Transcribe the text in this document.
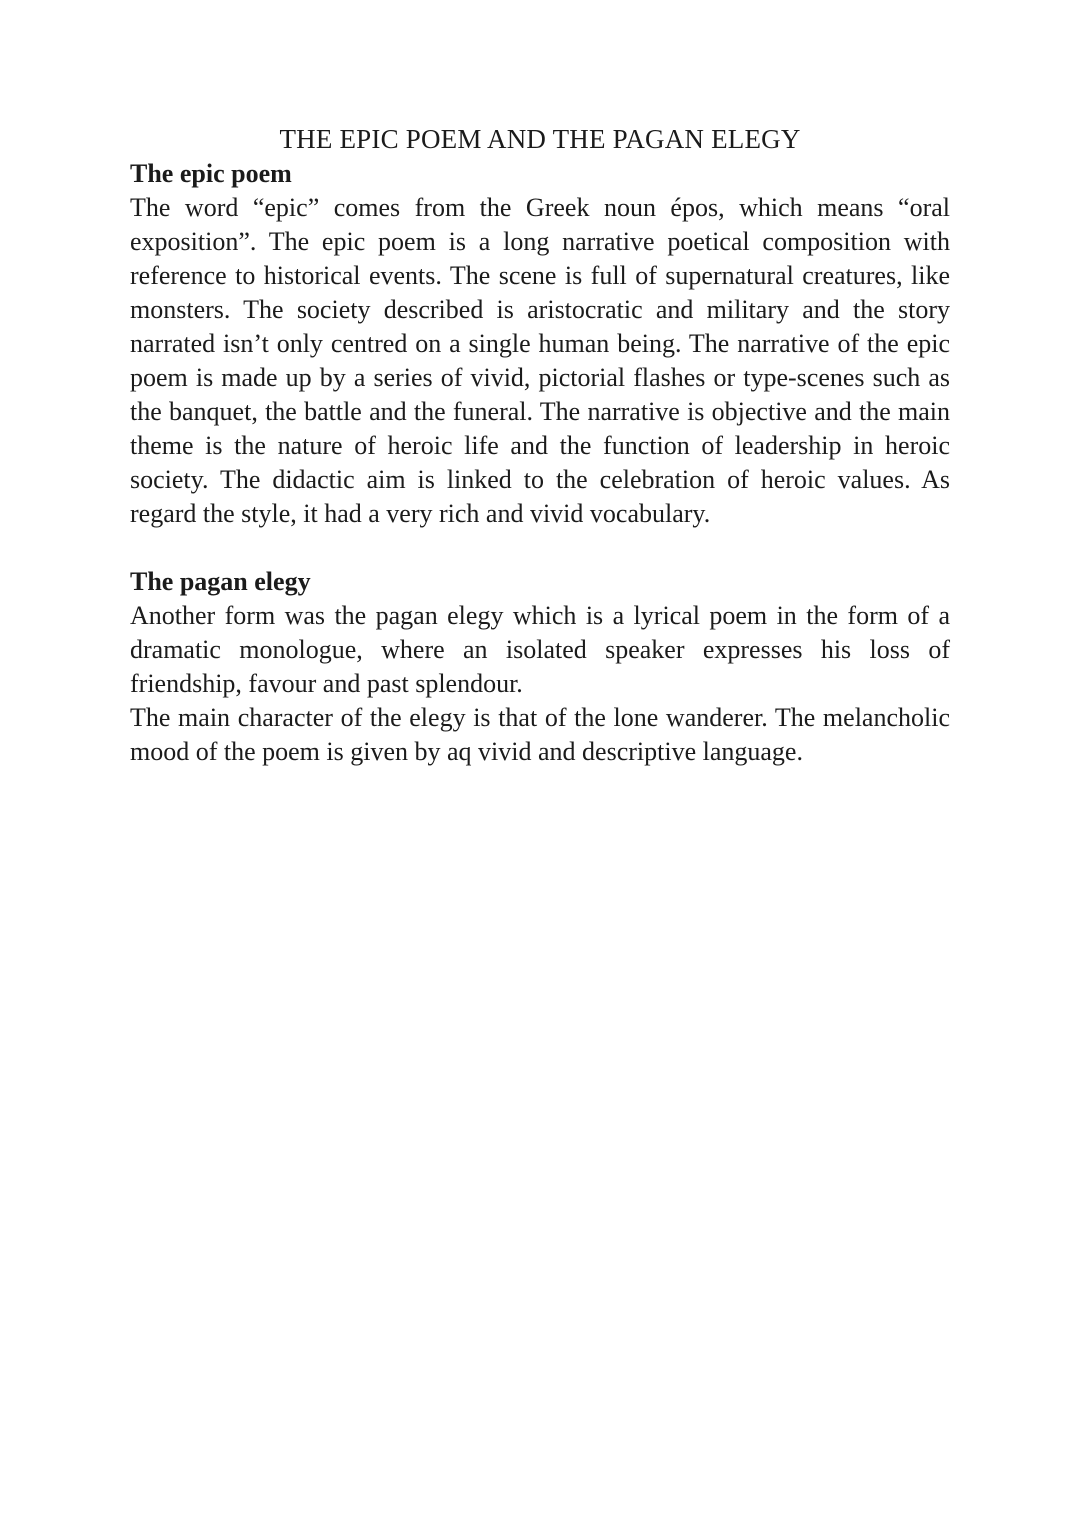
THE EPIC POEM AND THE PAGAN ELEGY
The epic poem

The word “epic” comes from the Greek noun épos, which means “oral exposition”. The epic poem is a long narrative poetical composition with reference to historical events. The scene is full of supernatural creatures, like monsters. The society described is aristocratic and military and the story narrated isn’t only centred on a single human being. The narrative of the epic poem is made up by a series of vivid, pictorial flashes or type-scenes such as the banquet, the battle and the funeral. The narrative is objective and the main theme is the nature of heroic life and the function of leadership in heroic society. The didactic aim is linked to the celebration of heroic values. As regard the style, it had a very rich and vivid vocabulary.

The pagan elegy

Another form was the pagan elegy which is a lyrical poem in the form of a dramatic monologue, where an isolated speaker expresses his loss of friendship, favour and past splendour.

The main character of the elegy is that of the lone wanderer. The melancholic mood of the poem is given by aq vivid and descriptive language.
